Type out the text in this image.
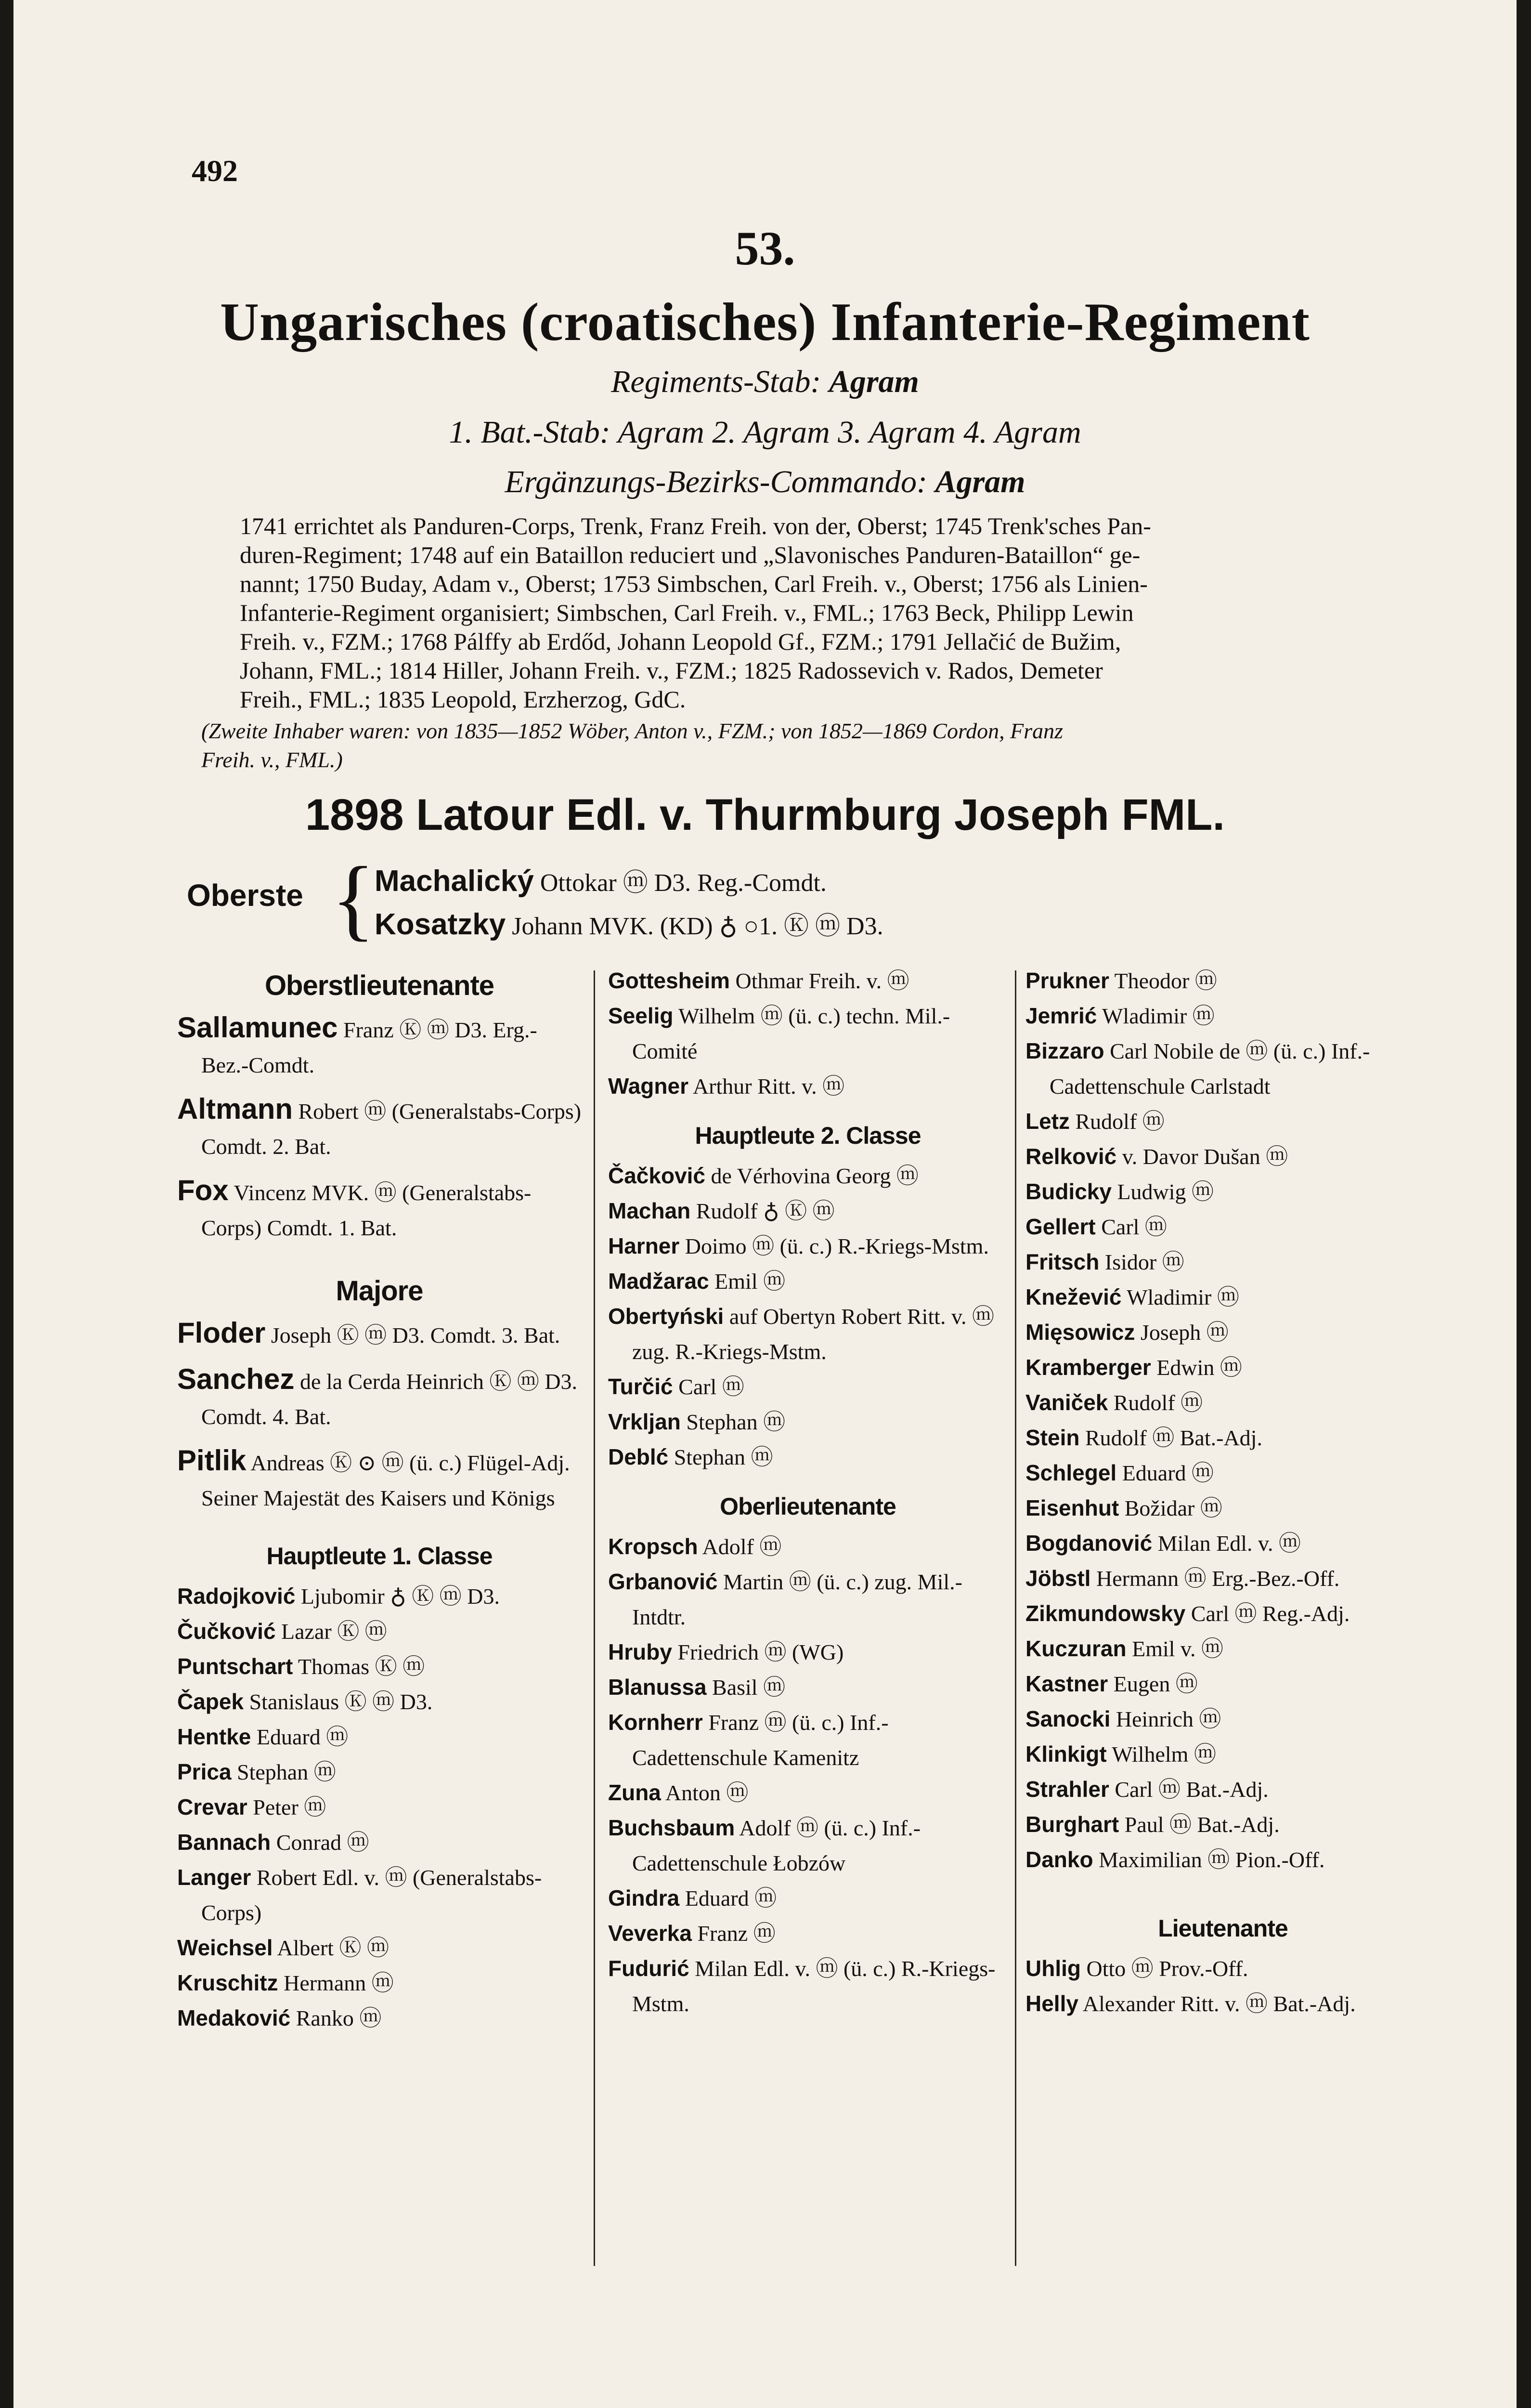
492
53.
Ungarisches (croatisches) Infanterie-Regiment
Regiments-Stab: Agram
1. Bat.-Stab: Agram 2. Agram 3. Agram 4. Agram
Ergänzungs-Bezirks-Commando: Agram
1741 errichtet als Panduren-Corps, Trenk, Franz Freih. von der, Oberst; 1745 Trenk'sches Pan-
duren-Regiment; 1748 auf ein Bataillon reduciert und „Slavonisches Panduren-Bataillon“ ge-
nannt; 1750 Buday, Adam v., Oberst; 1753 Simbschen, Carl Freih. v., Oberst; 1756 als Linien-
Infanterie-Regiment organisiert; Simbschen, Carl Freih. v., FML.; 1763 Beck, Philipp Lewin
Freih. v., FZM.; 1768 Pálffy ab Erdőd, Johann Leopold Gf., FZM.; 1791 Jellačić de Bužim,
Johann, FML.; 1814 Hiller, Johann Freih. v., FZM.; 1825 Radossevich v. Rados, Demeter
Freih., FML.; 1835 Leopold, Erzherzog, GdC.
(Zweite Inhaber waren: von 1835—1852 Wöber, Anton v., FZM.; von 1852—1869 Cordon, Franz
Freih. v., FML.)
1898 Latour Edl. v. Thurmburg Joseph FML.
Oberste {
Machalický Ottokar ⓜ D3. Reg.-Comdt.
Kosatzky Johann MVK. (KD) ♁ ○1. Ⓚ ⓜ D3.
Oberstlieutenante
Sallamunec Franz Ⓚ ⓜ D3. Erg.-Bez.-Comdt.
Altmann Robert ⓜ (Generalstabs-Corps) Comdt. 2. Bat.
Fox Vincenz MVK. ⓜ (Generalstabs-Corps) Comdt. 1. Bat.
Majore
Floder Joseph Ⓚ ⓜ D3. Comdt. 3. Bat.
Sanchez de la Cerda Heinrich Ⓚ ⓜ D3. Comdt. 4. Bat.
Pitlik Andreas Ⓚ ⊙ ⓜ (ü. c.) Flügel-Adj. Seiner Majestät des Kaisers und Königs
Hauptleute 1. Classe
Radojković Ljubomir ♁ Ⓚ ⓜ D3.
Čučković Lazar Ⓚ ⓜ
Puntschart Thomas Ⓚ ⓜ
Čapek Stanislaus Ⓚ ⓜ D3.
Hentke Eduard ⓜ
Prica Stephan ⓜ
Crevar Peter ⓜ
Bannach Conrad ⓜ
Langer Robert Edl. v. ⓜ (Generalstabs-Corps)
Weichsel Albert Ⓚ ⓜ
Kruschitz Hermann ⓜ
Medaković Ranko ⓜ
Gottesheim Othmar Freih. v. ⓜ
Seelig Wilhelm ⓜ (ü. c.) techn. Mil.-Comité
Wagner Arthur Ritt. v. ⓜ
Hauptleute 2. Classe
Čačković de Vérhovina Georg ⓜ
Machan Rudolf ♁ Ⓚ ⓜ
Harner Doimo ⓜ (ü. c.) R.-Kriegs-Mstm.
Madžarac Emil ⓜ
Obertyński auf Obertyn Robert Ritt. v. ⓜ zug. R.-Kriegs-Mstm.
Turčić Carl ⓜ
Vrkljan Stephan ⓜ
Deblć Stephan ⓜ
Oberlieutenante
Kropsch Adolf ⓜ
Grbanović Martin ⓜ (ü. c.) zug. Mil.-Intdtr.
Hruby Friedrich ⓜ (WG)
Blanussa Basil ⓜ
Kornherr Franz ⓜ (ü. c.) Inf.-Cadettenschule Kamenitz
Zuna Anton ⓜ
Buchsbaum Adolf ⓜ (ü. c.) Inf.-Cadettenschule Łobzów
Gindra Eduard ⓜ
Veverka Franz ⓜ
Fudurić Milan Edl. v. ⓜ (ü. c.) R.-Kriegs-Mstm.
Prukner Theodor ⓜ
Jemrić Wladimir ⓜ
Bizzaro Carl Nobile de ⓜ (ü. c.) Inf.-Cadettenschule Carlstadt
Letz Rudolf ⓜ
Relković v. Davor Dušan ⓜ
Budicky Ludwig ⓜ
Gellert Carl ⓜ
Fritsch Isidor ⓜ
Knežević Wladimir ⓜ
Mięsowicz Joseph ⓜ
Kramberger Edwin ⓜ
Vaniček Rudolf ⓜ
Stein Rudolf ⓜ Bat.-Adj.
Schlegel Eduard ⓜ
Eisenhut Božidar ⓜ
Bogdanović Milan Edl. v. ⓜ
Jöbstl Hermann ⓜ Erg.-Bez.-Off.
Zikmundowsky Carl ⓜ Reg.-Adj.
Kuczuran Emil v. ⓜ
Kastner Eugen ⓜ
Sanocki Heinrich ⓜ
Klinkigt Wilhelm ⓜ
Strahler Carl ⓜ Bat.-Adj.
Burghart Paul ⓜ Bat.-Adj.
Danko Maximilian ⓜ Pion.-Off.
Lieutenante
Uhlig Otto ⓜ Prov.-Off.
Helly Alexander Ritt. v. ⓜ Bat.-Adj.
